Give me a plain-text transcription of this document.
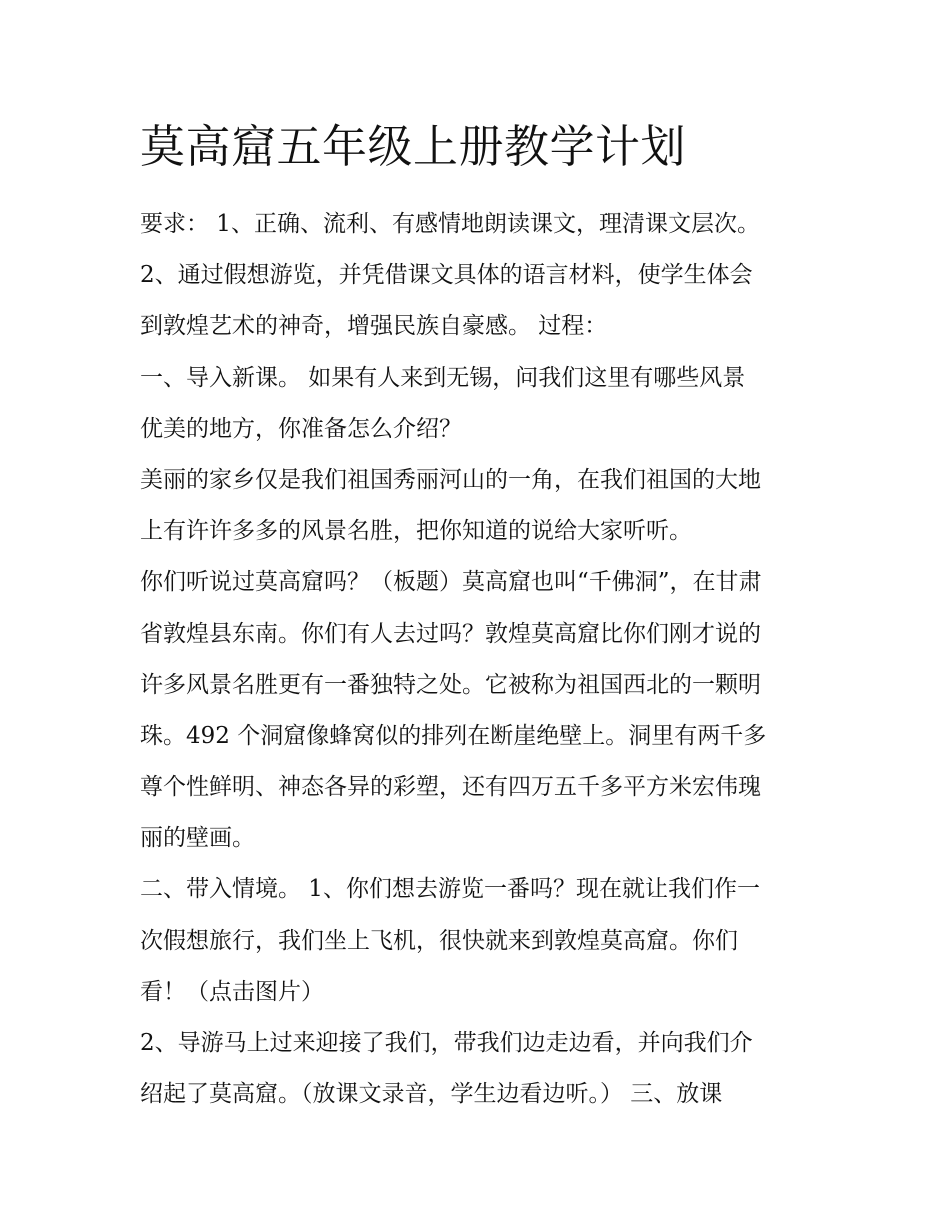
莫高窟五年级上册教学计划
要求： 1、正确、流利、有感情地朗读课文，理清课文层次。
2、通过假想游览，并凭借课文具体的语言材料，使学生体会
到敦煌艺术的神奇，增强民族自豪感。 过程：
一、导入新课。 如果有人来到无锡，问我们这里有哪些风景
优美的地方，你准备怎么介绍？
美丽的家乡仅是我们祖国秀丽河山的一角，在我们祖国的大地
上有许许多多的风景名胜，把你知道的说给大家听听。
你们听说过莫高窟吗？（板题）莫高窟也叫“千佛洞”，在甘肃
省敦煌县东南。你们有人去过吗？敦煌莫高窟比你们刚才说的
许多风景名胜更有一番独特之处。它被称为祖国西北的一颗明
珠。492 个洞窟像蜂窝似的排列在断崖绝壁上。洞里有两千多
尊个性鲜明、神态各异的彩塑，还有四万五千多平方米宏伟瑰
丽的壁画。
二、带入情境。 1、你们想去游览一番吗？现在就让我们作一
次假想旅行，我们坐上飞机，很快就来到敦煌莫高窟。你们
看！（点击图片）
2、导游马上过来迎接了我们，带我们边走边看，并向我们介
绍起了莫高窟。（放课文录音，学生边看边听。） 三、放课
